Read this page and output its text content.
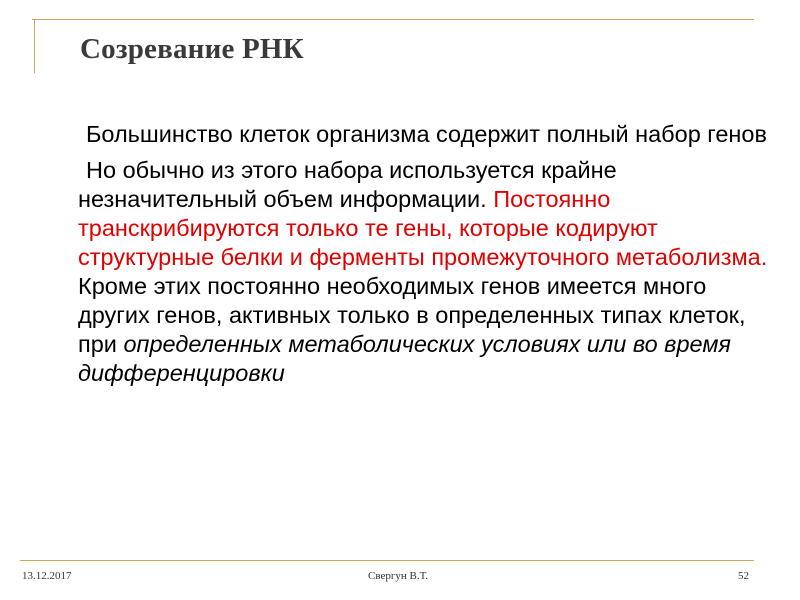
Созревание РНК

Большинство клеток организма содержит полный набор генов

Но обычно из этого набора используется крайне незначительный объем информации. Постоянно транскрибируются только те гены, которые кодируют структурные белки и ферменты промежуточного метаболизма. Кроме этих постоянно необходимых генов имеется много других генов, активных только в определенных типах клеток, при определенных метаболических условиях или во время дифференцировки

13.12.2017	Свергун В.Т.	52
